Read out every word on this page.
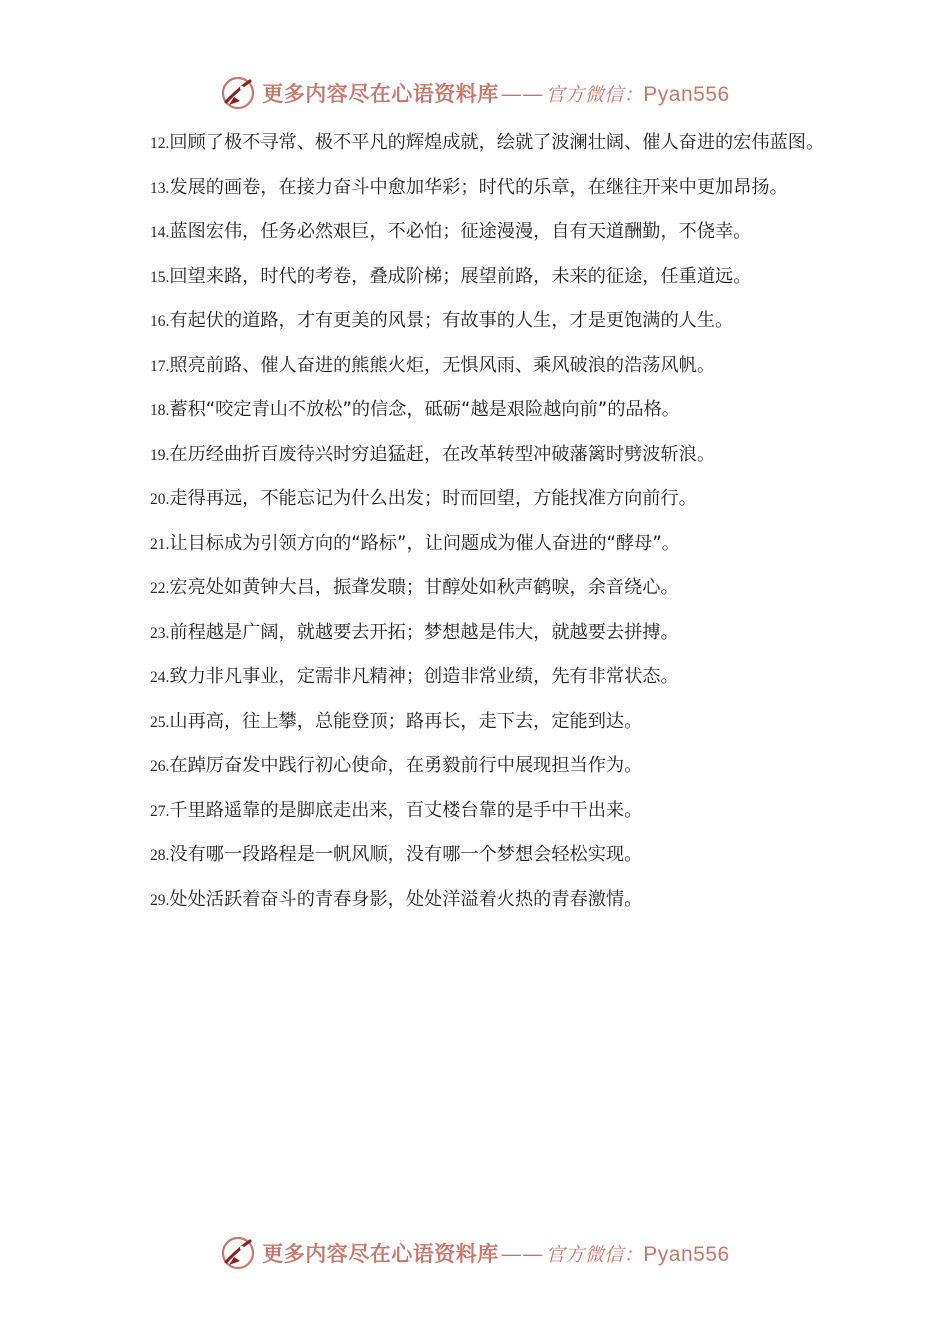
更多内容尽在心语资料库 —— 官方微信： Pyan556
12.回顾了极不寻常、极不平凡的辉煌成就，绘就了波澜壮阔、催人奋进的宏伟蓝图。
13.发展的画卷，在接力奋斗中愈加华彩；时代的乐章，在继往开来中更加昂扬。
14.蓝图宏伟，任务必然艰巨，不必怕；征途漫漫，自有天道酬勤，不侥幸。
15.回望来路，时代的考卷，叠成阶梯；展望前路，未来的征途，任重道远。
16.有起伏的道路，才有更美的风景；有故事的人生，才是更饱满的人生。
17.照亮前路、催人奋进的熊熊火炬，无惧风雨、乘风破浪的浩荡风帆。
18.蓄积“咬定青山不放松”的信念，砥砺“越是艰险越向前”的品格。
19.在历经曲折百废待兴时穷追猛赶，在改革转型冲破藩篱时劈波斩浪。
20.走得再远，不能忘记为什么出发；时而回望，方能找准方向前行。
21.让目标成为引领方向的“路标”，让问题成为催人奋进的“酵母”。
22.宏亮处如黄钟大吕，振聋发聩；甘醇处如秋声鹤唳，余音绕心。
23.前程越是广阔，就越要去开拓；梦想越是伟大，就越要去拼搏。
24.致力非凡事业，定需非凡精神；创造非常业绩，先有非常状态。
25.山再高，往上攀，总能登顶；路再长，走下去，定能到达。
26.在踔厉奋发中践行初心使命，在勇毅前行中展现担当作为。
27.千里路遥靠的是脚底走出来，百丈楼台靠的是手中干出来。
28.没有哪一段路程是一帆风顺，没有哪一个梦想会轻松实现。
29.处处活跃着奋斗的青春身影，处处洋溢着火热的青春激情。
更多内容尽在心语资料库 —— 官方微信： Pyan556
